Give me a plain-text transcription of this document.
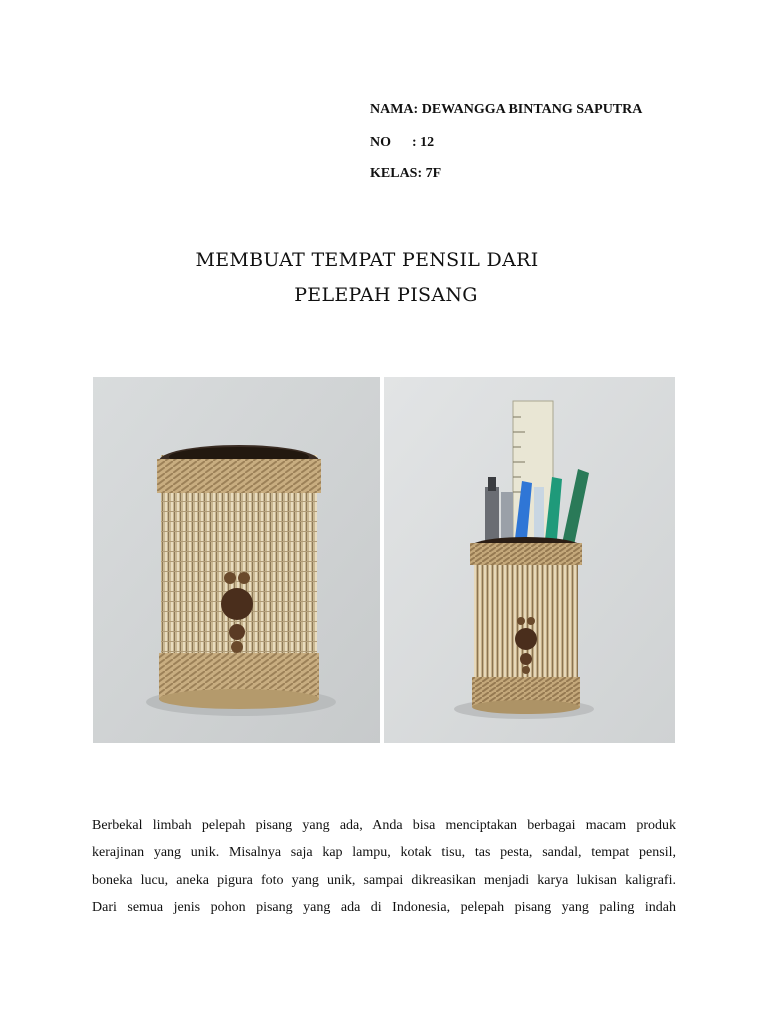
NAMA: DEWANGGA BINTANG SAPUTRA
NO      : 12
KELAS: 7F
MEMBUAT TEMPAT PENSIL DARI
PELEPAH PISANG
Berbekal limbah pelepah pisang yang ada, Anda bisa menciptakan berbagai macam produk
kerajinan yang unik. Misalnya saja kap lampu, kotak tisu, tas pesta, sandal, tempat pensil,
boneka lucu, aneka pigura foto yang unik, sampai dikreasikan menjadi karya lukisan kaligrafi.
Dari semua jenis pohon pisang yang ada di Indonesia, pelepah pisang yang paling indah
